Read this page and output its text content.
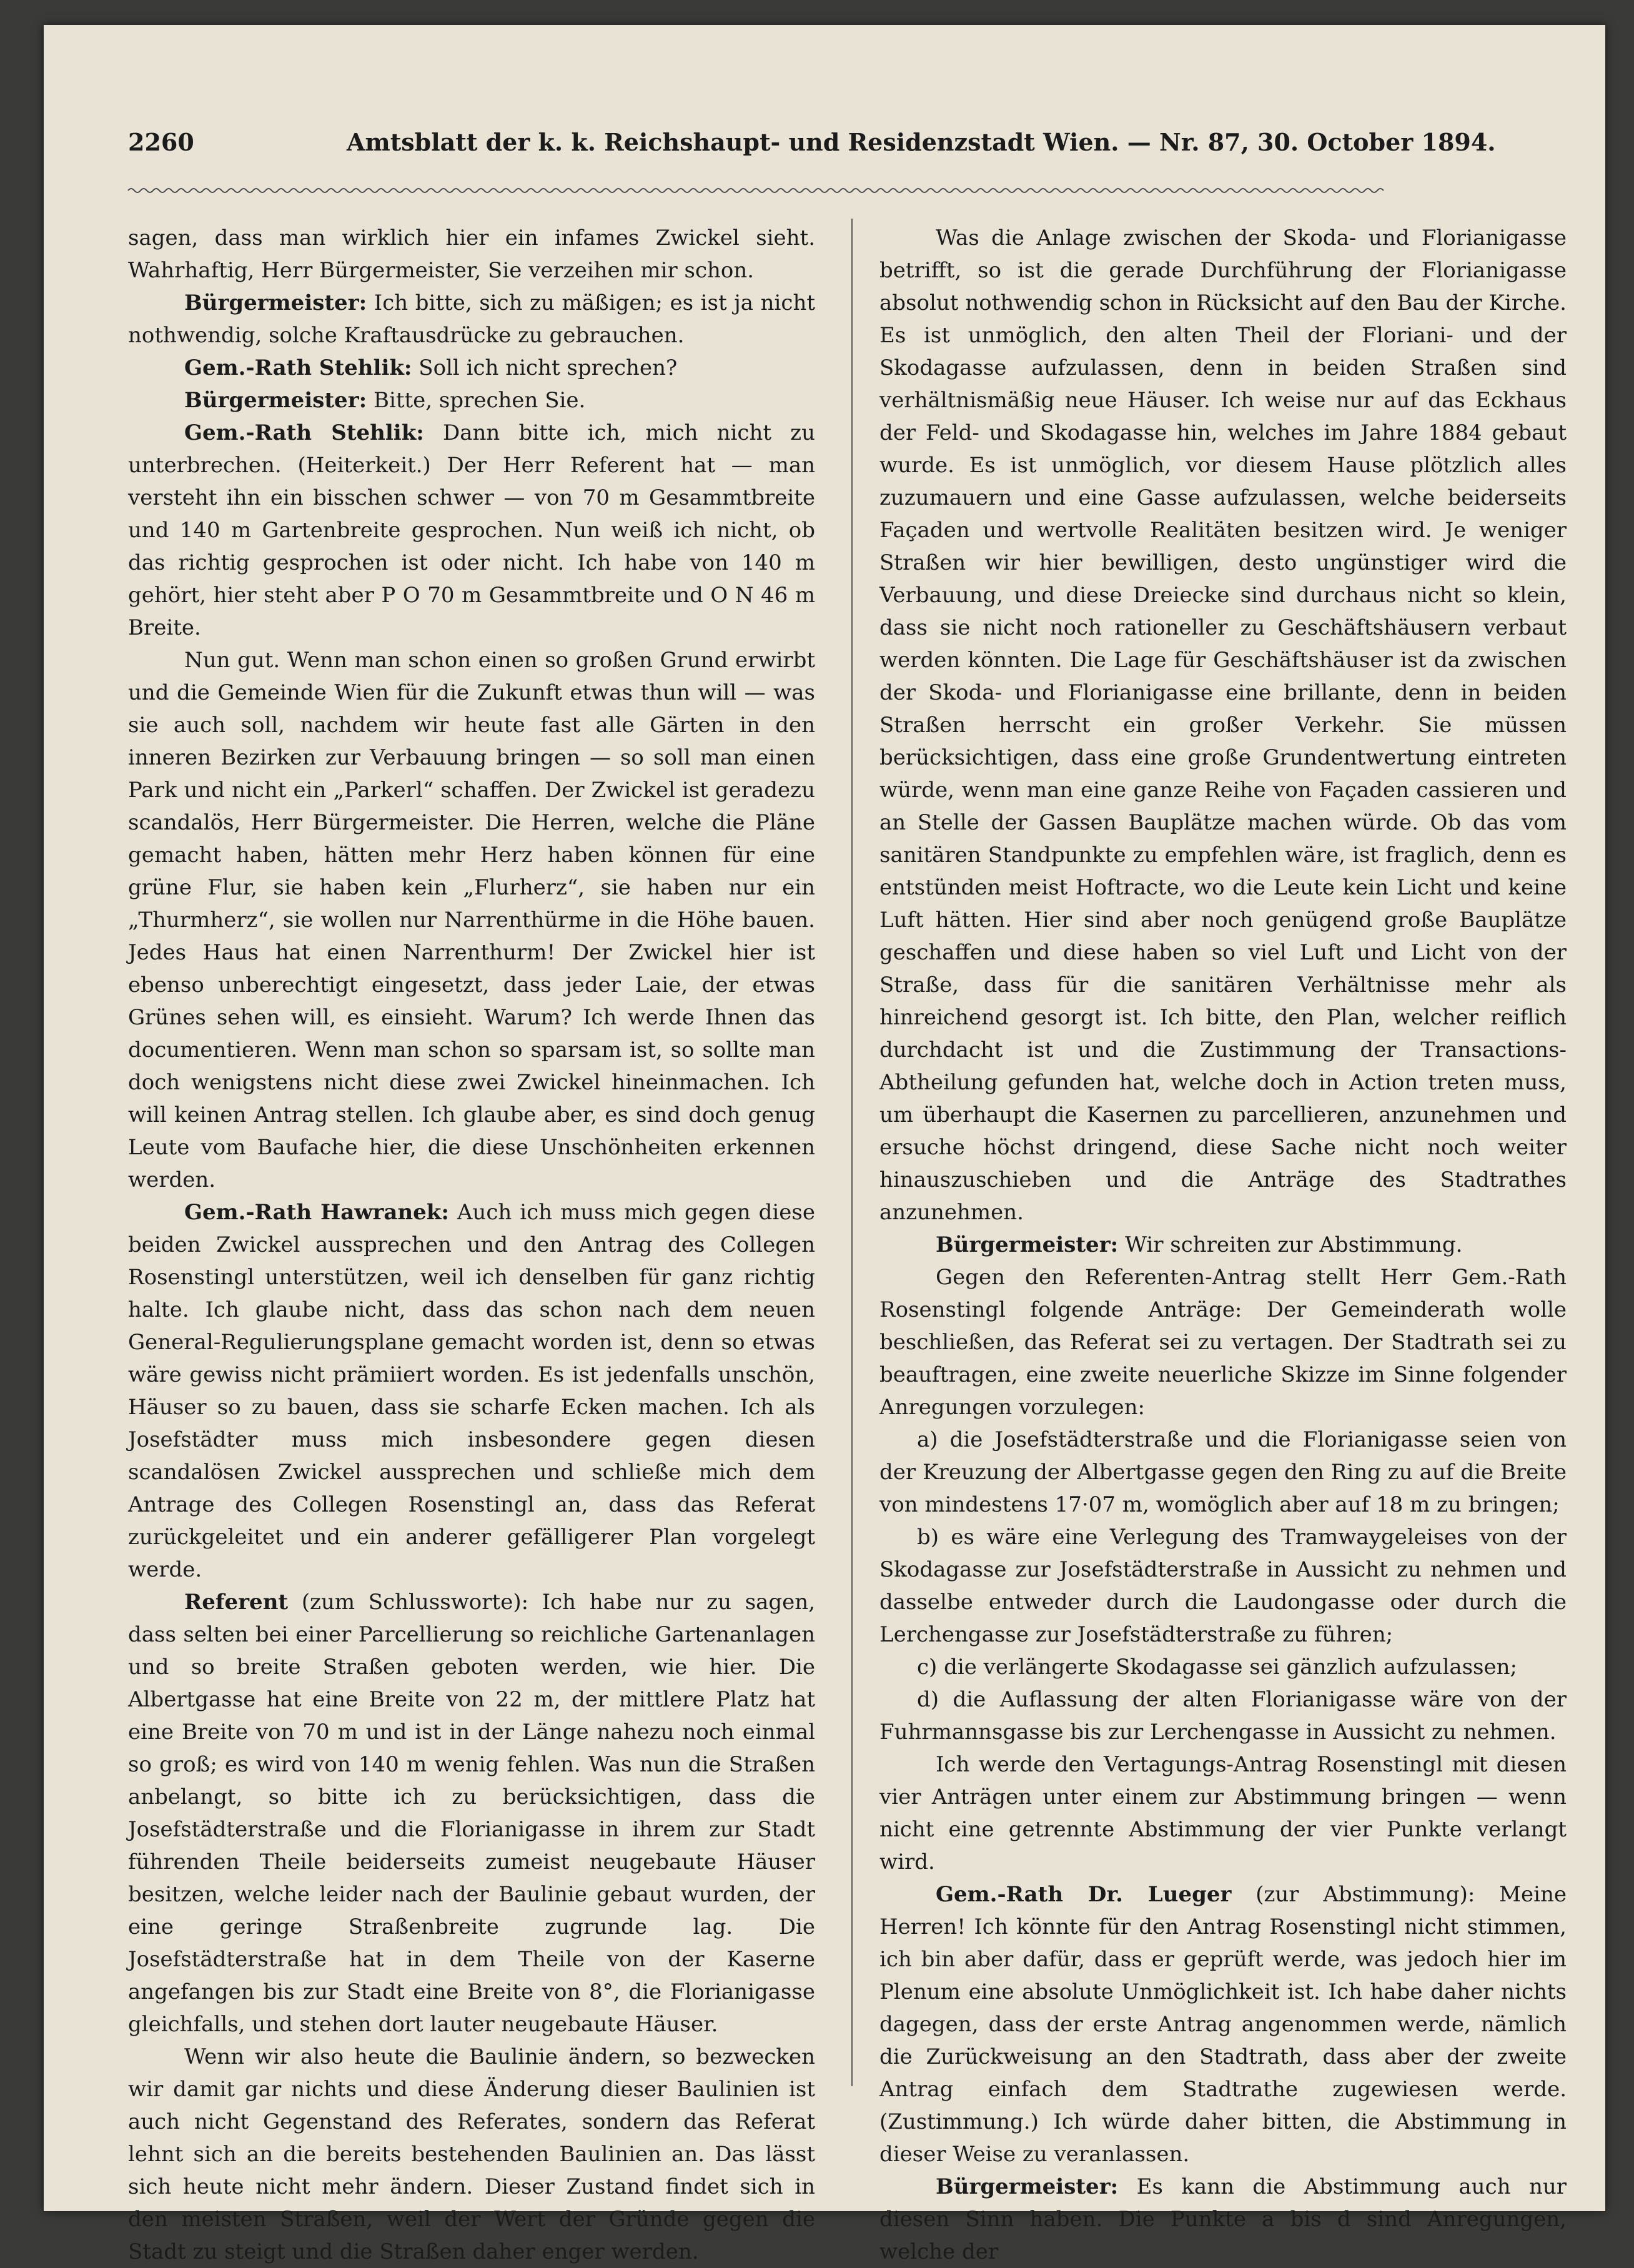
2260	Amtsblatt der k. k. Reichshaupt- und Residenzstadt Wien. — Nr. 87, 30. October 1894.

sagen, dass man wirklich hier ein infames Zwickel sieht. Wahrhaftig, Herr Bürgermeister, Sie verzeihen mir schon.

Bürgermeister: Ich bitte, sich zu mäßigen; es ist ja nicht nothwendig, solche Kraftausdrücke zu gebrauchen.

Gem.-Rath Stehlik: Soll ich nicht sprechen?

Bürgermeister: Bitte, sprechen Sie.

Gem.-Rath Stehlik: Dann bitte ich, mich nicht zu unterbrechen. (Heiterkeit.) Der Herr Referent hat — man versteht ihn ein bisschen schwer — von 70 m Gesammtbreite und 140 m Gartenbreite gesprochen. Nun weiß ich nicht, ob das richtig gesprochen ist oder nicht. Ich habe von 140 m gehört, hier steht aber P O 70 m Gesammtbreite und O N 46 m Breite.

Nun gut. Wenn man schon einen so großen Grund erwirbt und die Gemeinde Wien für die Zukunft etwas thun will — was sie auch soll, nachdem wir heute fast alle Gärten in den inneren Bezirken zur Verbauung bringen — so soll man einen Park und nicht ein „Parkerl“ schaffen. Der Zwickel ist geradezu scandalös, Herr Bürgermeister. Die Herren, welche die Pläne gemacht haben, hätten mehr Herz haben können für eine grüne Flur, sie haben kein „Flurherz“, sie haben nur ein „Thurmherz“, sie wollen nur Narrenthürme in die Höhe bauen. Jedes Haus hat einen Narrenthurm! Der Zwickel hier ist ebenso unberechtigt eingesetzt, dass jeder Laie, der etwas Grünes sehen will, es einsieht. Warum? Ich werde Ihnen das documentieren. Wenn man schon so sparsam ist, so sollte man doch wenigstens nicht diese zwei Zwickel hineinmachen. Ich will keinen Antrag stellen. Ich glaube aber, es sind doch genug Leute vom Baufache hier, die diese Unschönheiten erkennen werden.

Gem.-Rath Hawranek: Auch ich muss mich gegen diese beiden Zwickel aussprechen und den Antrag des Collegen Rosenstingl unterstützen, weil ich denselben für ganz richtig halte. Ich glaube nicht, dass das schon nach dem neuen General-Regulierungsplane gemacht worden ist, denn so etwas wäre gewiss nicht prämiiert worden. Es ist jedenfalls unschön, Häuser so zu bauen, dass sie scharfe Ecken machen. Ich als Josefstädter muss mich insbesondere gegen diesen scandalösen Zwickel aussprechen und schließe mich dem Antrage des Collegen Rosenstingl an, dass das Referat zurückgeleitet und ein anderer gefälligerer Plan vorgelegt werde.

Referent (zum Schlussworte): Ich habe nur zu sagen, dass selten bei einer Parcellierung so reichliche Gartenanlagen und so breite Straßen geboten werden, wie hier. Die Albertgasse hat eine Breite von 22 m, der mittlere Platz hat eine Breite von 70 m und ist in der Länge nahezu noch einmal so groß; es wird von 140 m wenig fehlen. Was nun die Straßen anbelangt, so bitte ich zu berücksichtigen, dass die Josefstädterstraße und die Florianigasse in ihrem zur Stadt führenden Theile beiderseits zumeist neugebaute Häuser besitzen, welche leider nach der Baulinie gebaut wurden, der eine geringe Straßenbreite zugrunde lag. Die Josefstädterstraße hat in dem Theile von der Kaserne angefangen bis zur Stadt eine Breite von 8°, die Florianigasse gleichfalls, und stehen dort lauter neugebaute Häuser.

Wenn wir also heute die Baulinie ändern, so bezwecken wir damit gar nichts und diese Änderung dieser Baulinien ist auch nicht Gegenstand des Referates, sondern das Referat lehnt sich an die bereits bestehenden Baulinien an. Das lässt sich heute nicht mehr ändern. Dieser Zustand findet sich in den meisten Straßen, weil der Wert der Gründe gegen die Stadt zu steigt und die Straßen daher enger werden.

Was die Anlage zwischen der Skoda- und Florianigasse betrifft, so ist die gerade Durchführung der Florianigasse absolut nothwendig schon in Rücksicht auf den Bau der Kirche. Es ist unmöglich, den alten Theil der Floriani- und der Skodagasse aufzulassen, denn in beiden Straßen sind verhältnismäßig neue Häuser. Ich weise nur auf das Eckhaus der Feld- und Skodagasse hin, welches im Jahre 1884 gebaut wurde. Es ist unmöglich, vor diesem Hause plötzlich alles zuzumauern und eine Gasse aufzulassen, welche beiderseits Façaden und wertvolle Realitäten besitzen wird. Je weniger Straßen wir hier bewilligen, desto ungünstiger wird die Verbauung, und diese Dreiecke sind durchaus nicht so klein, dass sie nicht noch rationeller zu Geschäftshäusern verbaut werden könnten. Die Lage für Geschäftshäuser ist da zwischen der Skoda- und Florianigasse eine brillante, denn in beiden Straßen herrscht ein großer Verkehr. Sie müssen berücksichtigen, dass eine große Grundentwertung eintreten würde, wenn man eine ganze Reihe von Façaden cassieren und an Stelle der Gassen Bauplätze machen würde. Ob das vom sanitären Standpunkte zu empfehlen wäre, ist fraglich, denn es entstünden meist Hoftracte, wo die Leute kein Licht und keine Luft hätten. Hier sind aber noch genügend große Bauplätze geschaffen und diese haben so viel Luft und Licht von der Straße, dass für die sanitären Verhältnisse mehr als hinreichend gesorgt ist. Ich bitte, den Plan, welcher reiflich durchdacht ist und die Zustimmung der Transactions-Abtheilung gefunden hat, welche doch in Action treten muss, um überhaupt die Kasernen zu parcellieren, anzunehmen und ersuche höchst dringend, diese Sache nicht noch weiter hinauszuschieben und die Anträge des Stadtrathes anzunehmen.

Bürgermeister: Wir schreiten zur Abstimmung.

Gegen den Referenten-Antrag stellt Herr Gem.-Rath Rosenstingl folgende Anträge: Der Gemeinderath wolle beschließen, das Referat sei zu vertagen. Der Stadtrath sei zu beauftragen, eine zweite neuerliche Skizze im Sinne folgender Anregungen vorzulegen:

a) die Josefstädterstraße und die Florianigasse seien von der Kreuzung der Albertgasse gegen den Ring zu auf die Breite von mindestens 17·07 m, womöglich aber auf 18 m zu bringen;

b) es wäre eine Verlegung des Tramwaygeleises von der Skodagasse zur Josefstädterstraße in Aussicht zu nehmen und dasselbe entweder durch die Laudongasse oder durch die Lerchengasse zur Josefstädterstraße zu führen;

c) die verlängerte Skodagasse sei gänzlich aufzulassen;

d) die Auflassung der alten Florianigasse wäre von der Fuhrmannsgasse bis zur Lerchengasse in Aussicht zu nehmen.

Ich werde den Vertagungs-Antrag Rosenstingl mit diesen vier Anträgen unter einem zur Abstimmung bringen — wenn nicht eine getrennte Abstimmung der vier Punkte verlangt wird.

Gem.-Rath Dr. Lueger (zur Abstimmung): Meine Herren! Ich könnte für den Antrag Rosenstingl nicht stimmen, ich bin aber dafür, dass er geprüft werde, was jedoch hier im Plenum eine absolute Unmöglichkeit ist. Ich habe daher nichts dagegen, dass der erste Antrag angenommen werde, nämlich die Zurückweisung an den Stadtrath, dass aber der zweite Antrag einfach dem Stadtrathe zugewiesen werde. (Zustimmung.) Ich würde daher bitten, die Abstimmung in dieser Weise zu veranlassen.

Bürgermeister: Es kann die Abstimmung auch nur diesen Sinn haben. Die Punkte a bis d sind Anregungen, welche der
